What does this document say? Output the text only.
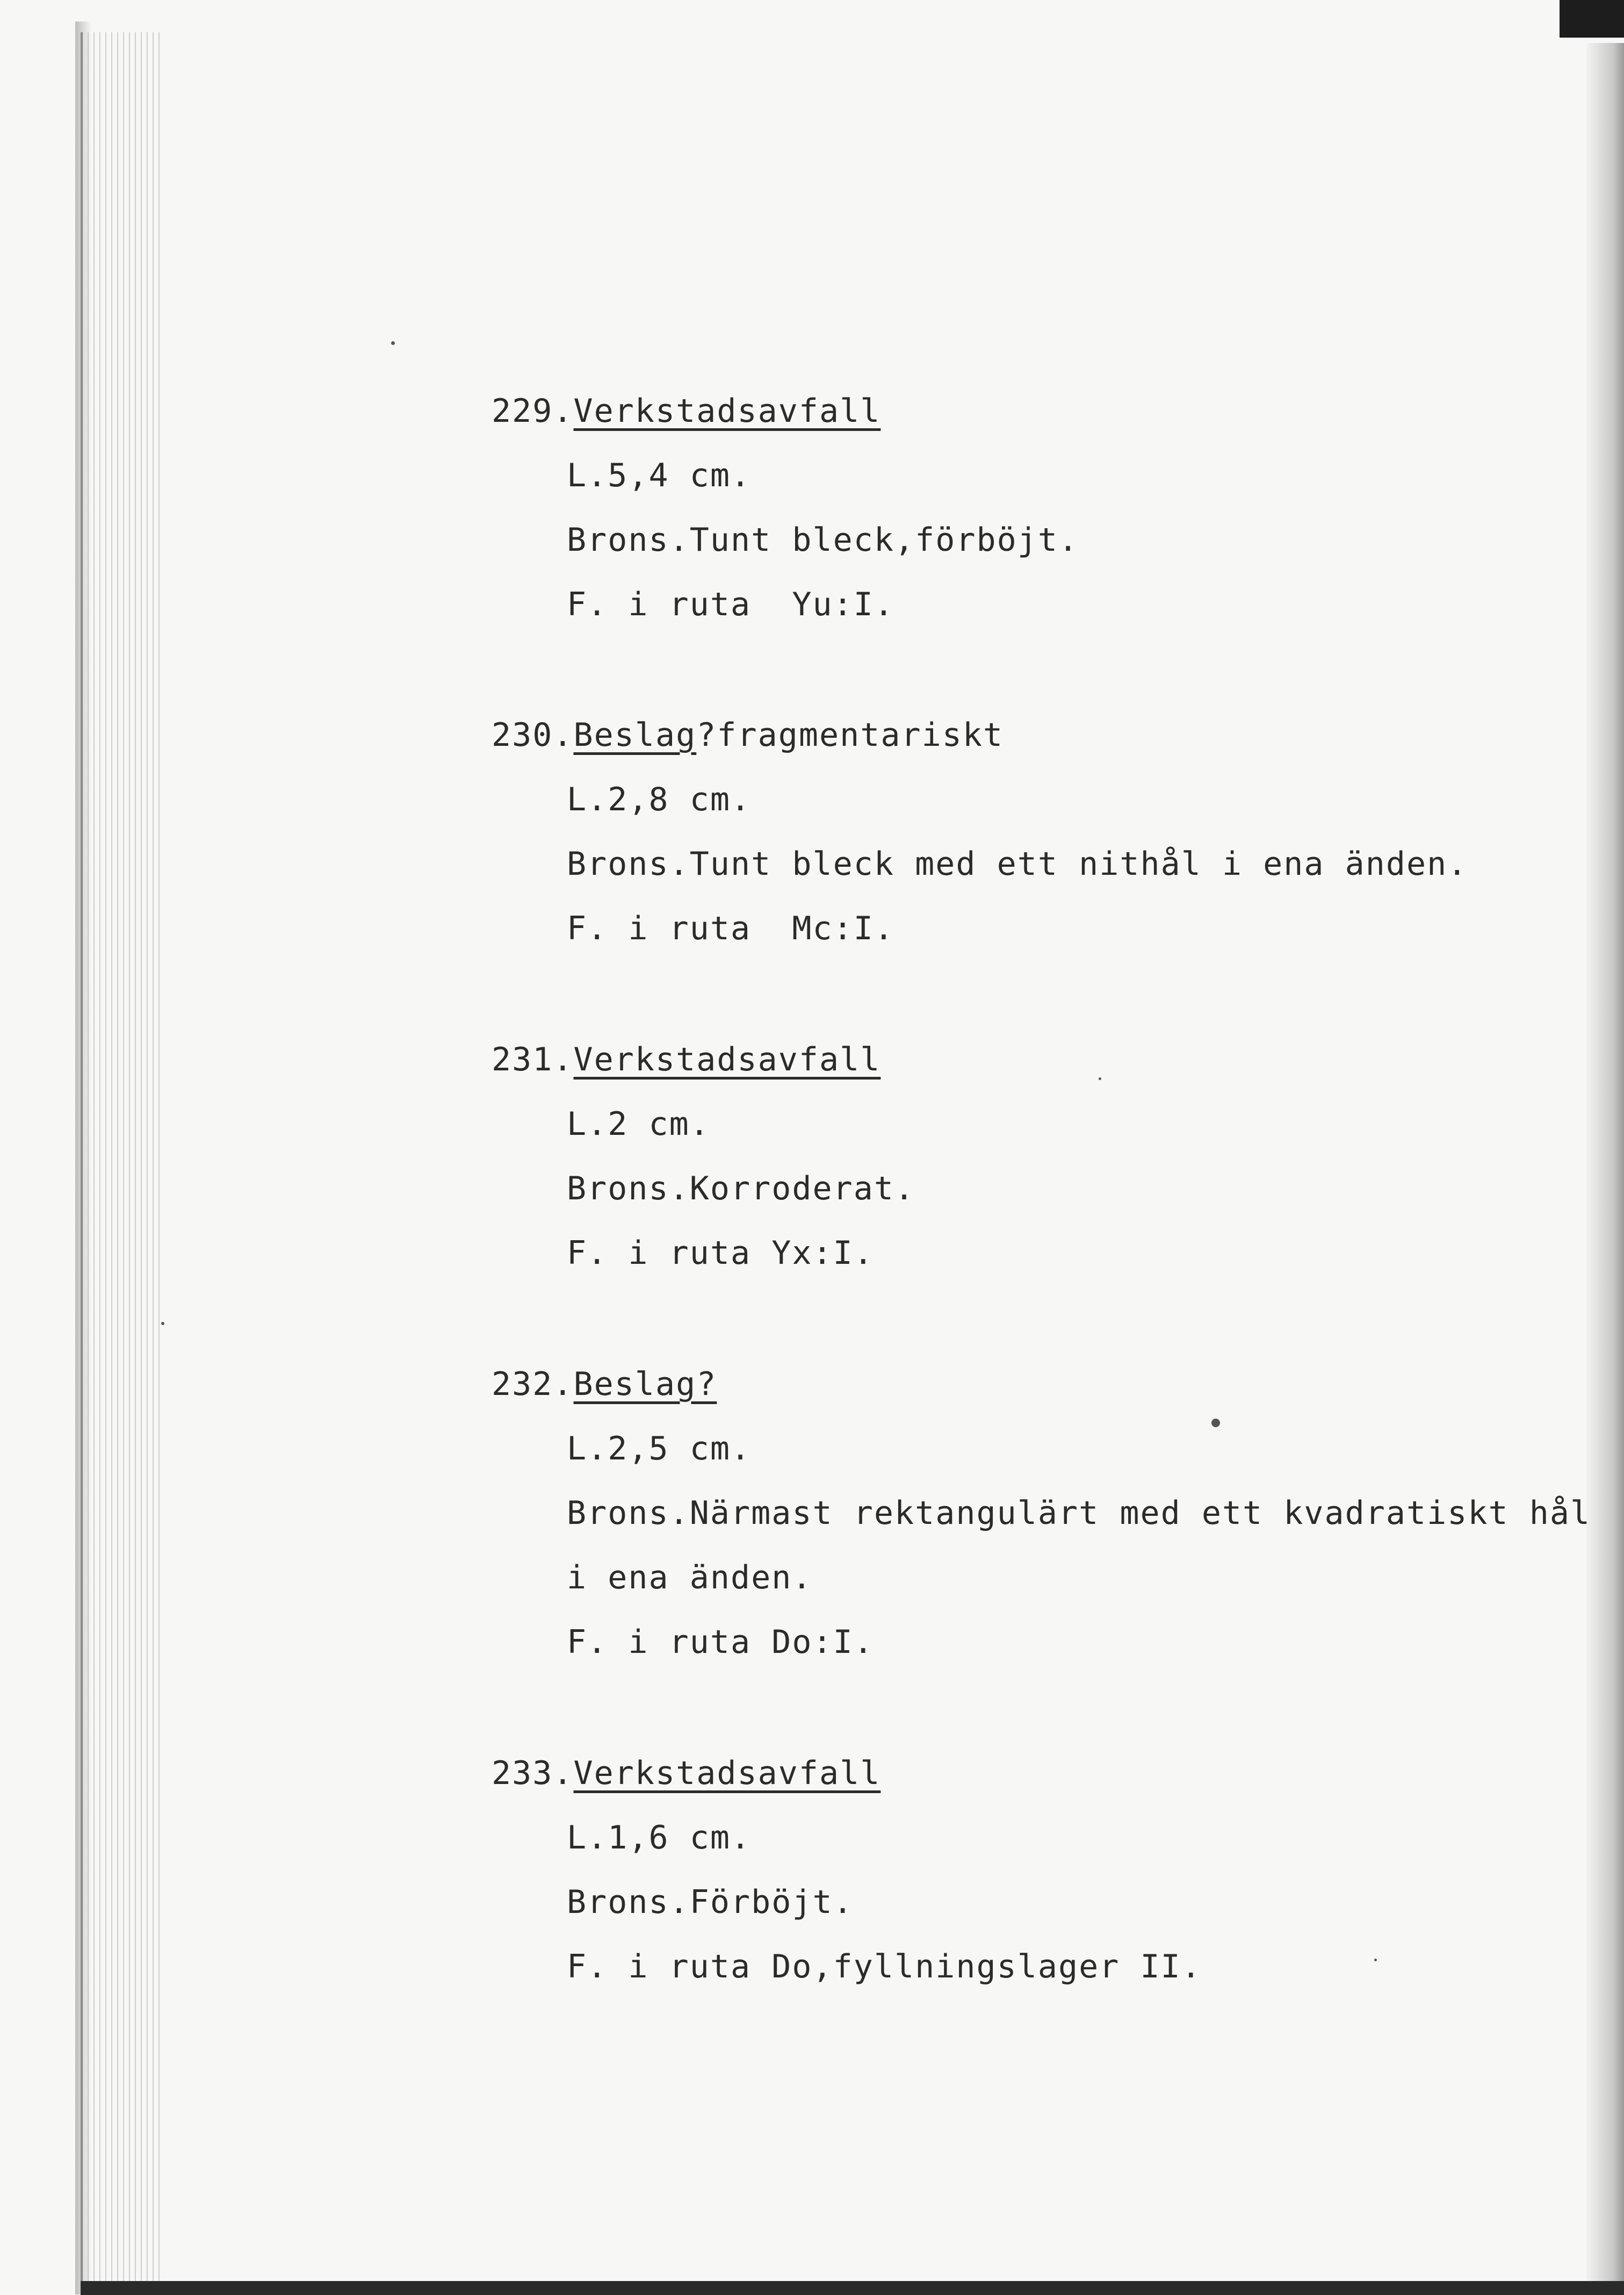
229.Verkstadsavfall
L.5,4 cm.
Brons.Tunt bleck,förböjt.
F. i ruta  Yu:I.
230.Beslag?fragmentariskt
L.2,8 cm.
Brons.Tunt bleck med ett nithål i ena änden.
F. i ruta  Mc:I.
231.Verkstadsavfall
L.2 cm.
Brons.Korroderat.
F. i ruta Yx:I.
232.Beslag?
L.2,5 cm.
Brons.Närmast rektangulärt med ett kvadratiskt hål
i ena änden.
F. i ruta Do:I.
233.Verkstadsavfall
L.1,6 cm.
Brons.Förböjt.
F. i ruta Do,fyllningslager II.
